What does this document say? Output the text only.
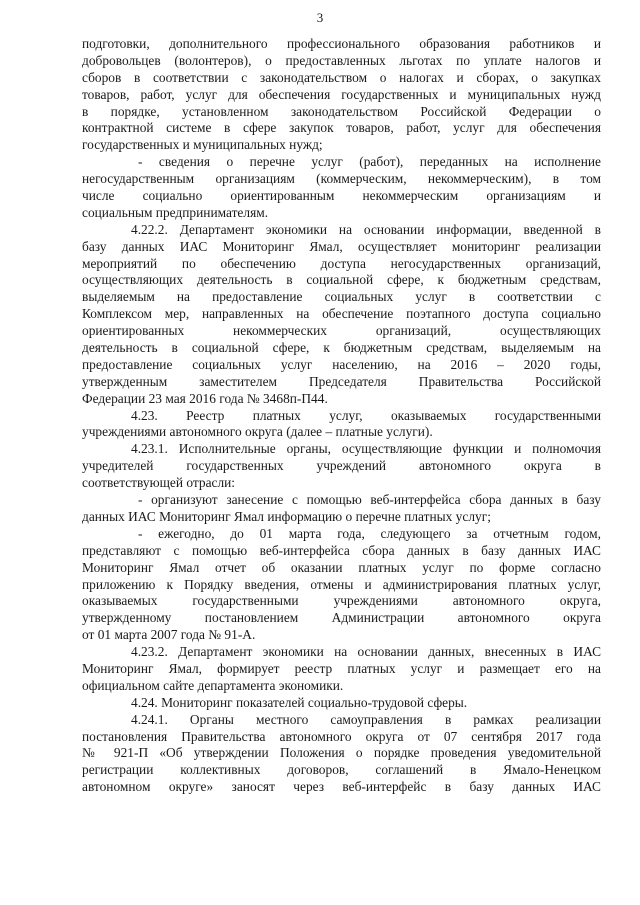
3
подготовки, дополнительного профессионального образования работников и
добровольцев (волонтеров), о предоставленных льготах по уплате налогов и
сборов в соответствии с законодательством о налогах и сборах, о закупках
товаров, работ, услуг для обеспечения государственных и муниципальных нужд
в порядке, установленном законодательством Российской Федерации о
контрактной системе в сфере закупок товаров, работ, услуг для обеспечения
государственных и муниципальных нужд;
- сведения о перечне услуг (работ), переданных на исполнение
негосударственным организациям (коммерческим, некоммерческим), в том
числе социально ориентированным некоммерческим организациям и
социальным предпринимателям.
4.22.2. Департамент экономики на основании информации, введенной в
базу данных ИАС Мониторинг Ямал, осуществляет мониторинг реализации
мероприятий по обеспечению доступа негосударственных организаций,
осуществляющих деятельность в социальной сфере, к бюджетным средствам,
выделяемым на предоставление социальных услуг в соответствии с
Комплексом мер, направленных на обеспечение поэтапного доступа социально
ориентированных некоммерческих организаций, осуществляющих
деятельность в социальной сфере, к бюджетным средствам, выделяемым на
предоставление социальных услуг населению, на 2016 – 2020 годы,
утвержденным заместителем Председателя Правительства Российской
Федерации 23 мая 2016 года № 3468п-П44.
4.23. Реестр платных услуг, оказываемых государственными
учреждениями автономного округа (далее – платные услуги).
4.23.1. Исполнительные органы, осуществляющие функции и полномочия
учредителей государственных учреждений автономного округа в
соответствующей отрасли:
- организуют занесение с помощью веб-интерфейса сбора данных в базу
данных ИАС Мониторинг Ямал информацию о перечне платных услуг;
- ежегодно, до 01 марта года, следующего за отчетным годом,
представляют с помощью веб-интерфейса сбора данных в базу данных ИАС
Мониторинг Ямал отчет об оказании платных услуг по форме согласно
приложению к Порядку введения, отмены и администрирования платных услуг,
оказываемых государственными учреждениями автономного округа,
утвержденному постановлением Администрации автономного округа
от 01 марта 2007 года № 91-А.
4.23.2. Департамент экономики на основании данных, внесенных в ИАС
Мониторинг Ямал, формирует реестр платных услуг и размещает его на
официальном сайте департамента экономики.
4.24. Мониторинг показателей социально-трудовой сферы.
4.24.1. Органы местного самоуправления в рамках реализации
постановления Правительства автономного округа от 07 сентября 2017 года
№ 921-П «Об утверждении Положения о порядке проведения уведомительной
регистрации коллективных договоров, соглашений в Ямало-Ненецком
автономном округе» заносят через веб-интерфейс в базу данных ИАС
